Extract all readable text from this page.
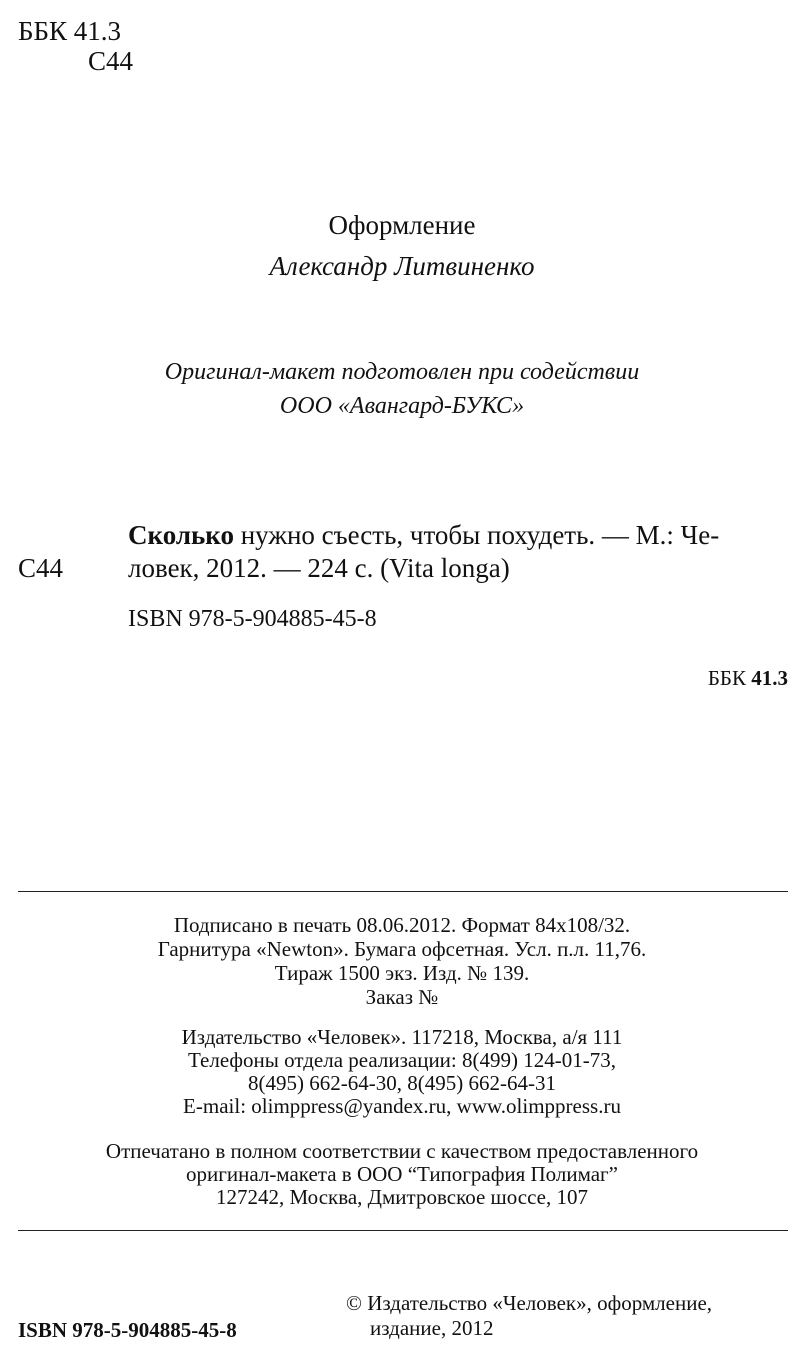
ББК 41.3
С44
Оформление
Александр Литвиненко
Оригинал-макет подготовлен при содействии
ООО «Авангард-БУКС»
Сколько нужно съесть, чтобы похудеть. — М.: Че-
С44 ловек, 2012. — 224 с. (Vita longa)
ISBN 978-5-904885-45-8
ББК 41.3
Подписано в печать 08.06.2012. Формат 84х108/32.
Гарнитура «Newton». Бумага офсетная. Усл. п.л. 11,76.
Тираж 1500 экз. Изд. № 139.
Заказ №
Издательство «Человек». 117218, Москва, а/я 111
Телефоны отдела реализации: 8(499) 124-01-73,
8(495) 662-64-30, 8(495) 662-64-31
E-mail: olimppress@yandex.ru, www.olimppress.ru
Отпечатано в полном соответствии с качеством предоставленного
оригинал-макета в ООО “Типография Полимаг”
127242, Москва, Дмитровское шоссе, 107
ISBN 978-5-904885-45-8
© Издательство «Человек», оформление,
издание, 2012
